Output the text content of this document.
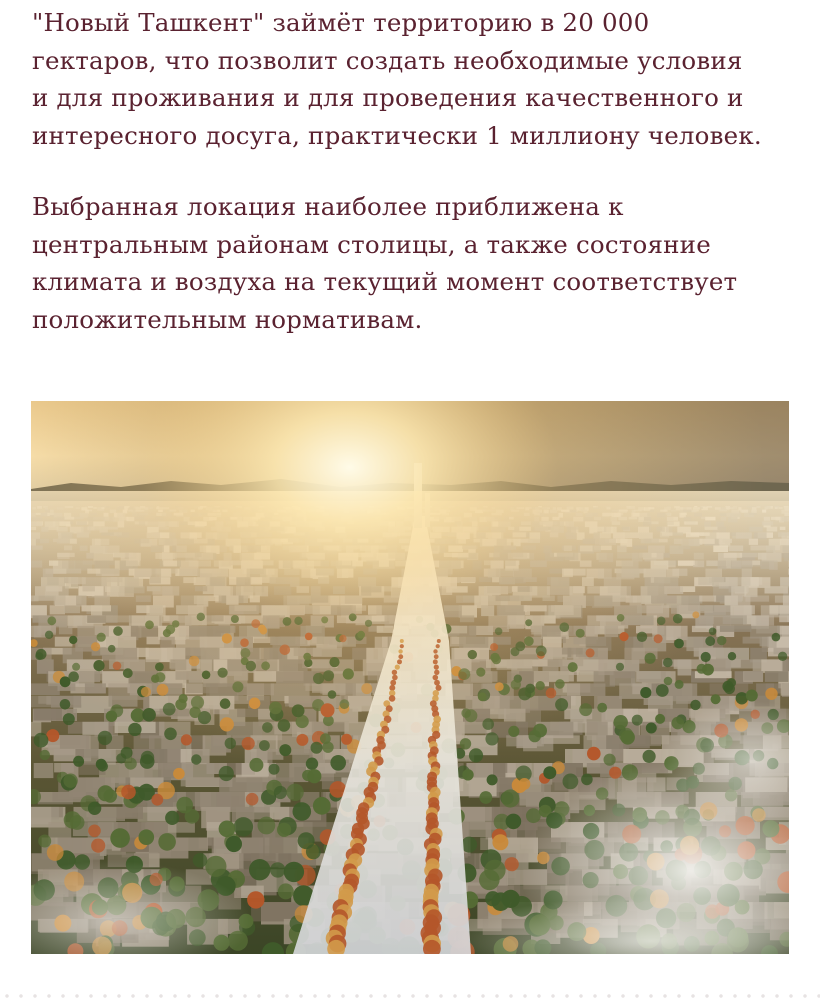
"Новый Ташкент" займёт территорию в 20 000
гектаров, что позволит создать необходимые условия
и для проживания и для проведения качественного и
интересного досуга, практически 1 миллиону человек.

Выбранная локация наиболее приближена к
центральным районам столицы, а также состояние
климата и воздуха на текущий момент соответствует
положительным нормативам.
